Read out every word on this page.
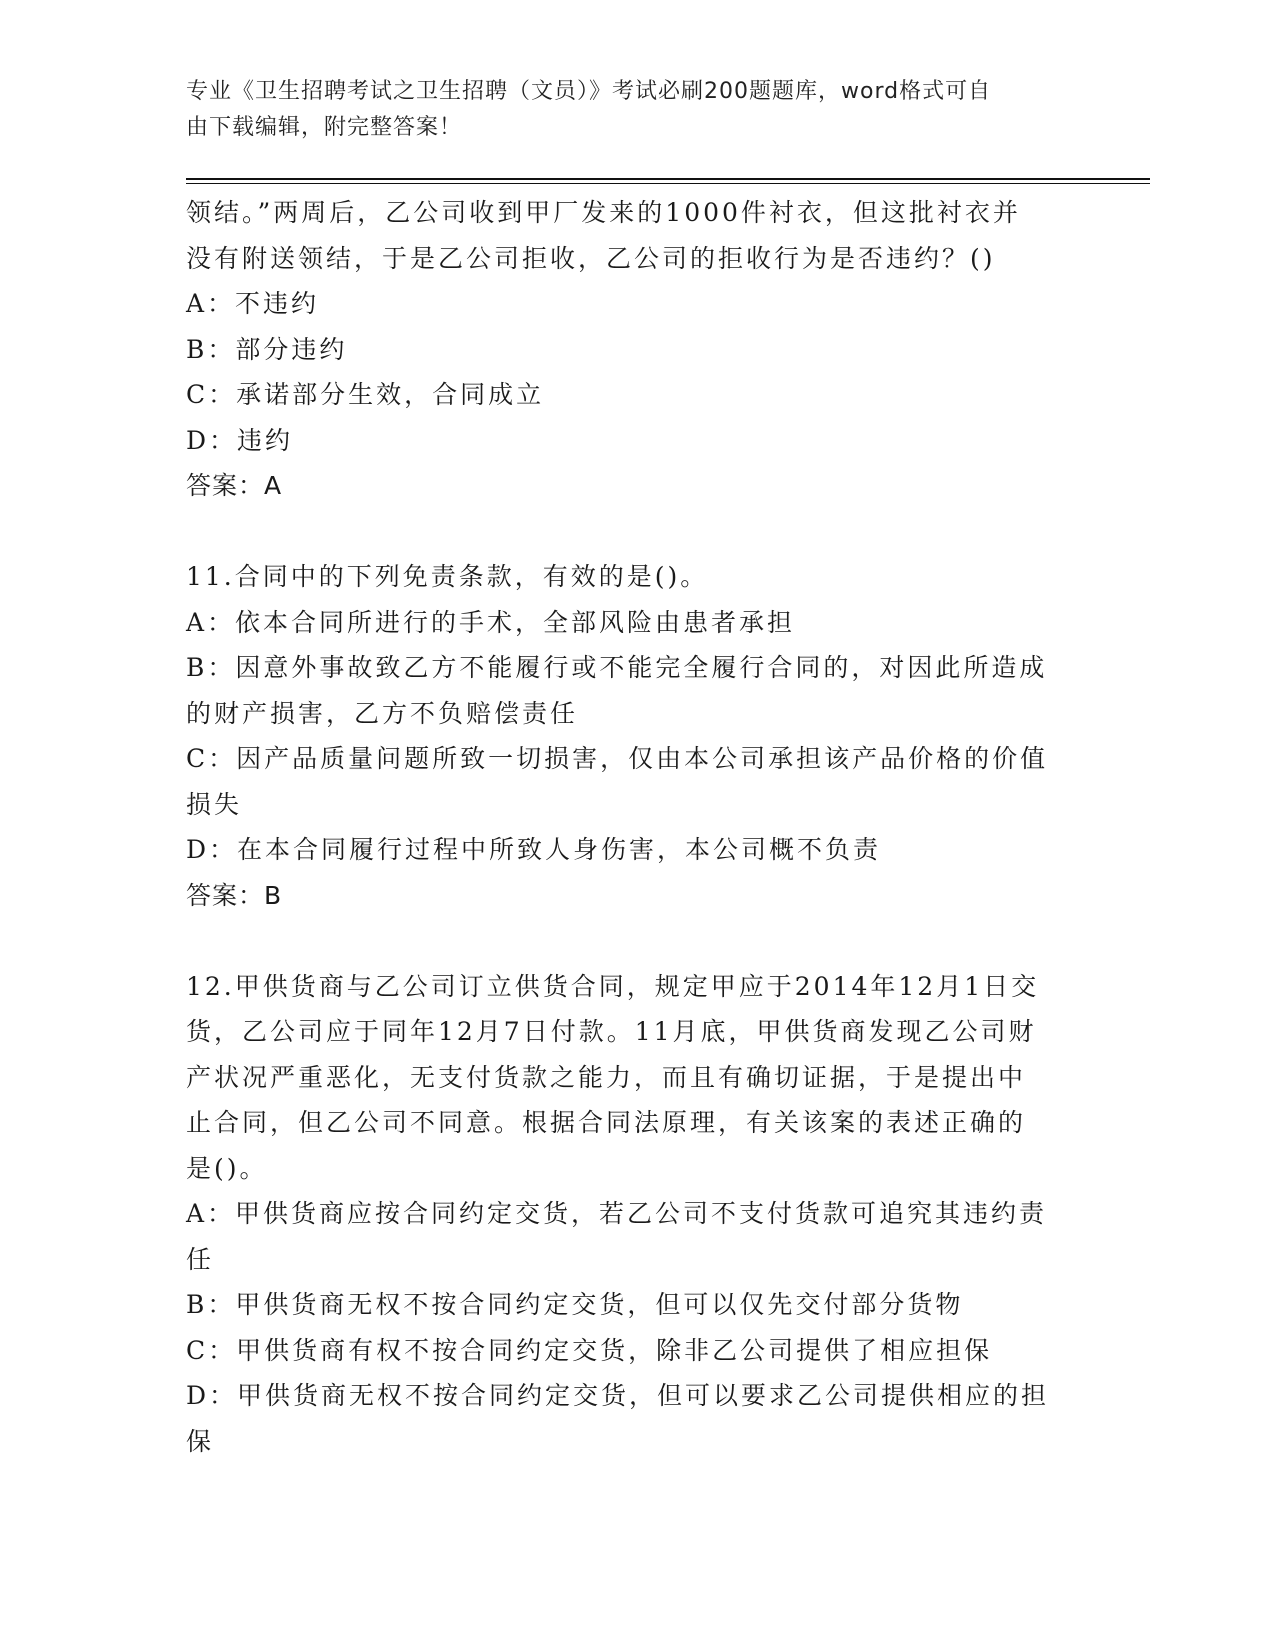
专业《卫生招聘考试之卫生招聘（文员）》考试必刷200题题库，word格式可自
由下载编辑，附完整答案！
领结。”两周后，乙公司收到甲厂发来的1000件衬衣，但这批衬衣并
没有附送领结，于是乙公司拒收，乙公司的拒收行为是否违约？()
A：不违约
B：部分违约
C：承诺部分生效，合同成立
D：违约
答案：A
11.合同中的下列免责条款，有效的是()。
A：依本合同所进行的手术，全部风险由患者承担
B：因意外事故致乙方不能履行或不能完全履行合同的，对因此所造成
的财产损害，乙方不负赔偿责任
C：因产品质量问题所致一切损害，仅由本公司承担该产品价格的价值
损失
D：在本合同履行过程中所致人身伤害，本公司概不负责
答案：B
12.甲供货商与乙公司订立供货合同，规定甲应于2014年12月1日交
货，乙公司应于同年12月7日付款。11月底，甲供货商发现乙公司财
产状况严重恶化，无支付货款之能力，而且有确切证据，于是提出中
止合同，但乙公司不同意。根据合同法原理，有关该案的表述正确的
是()。
A：甲供货商应按合同约定交货，若乙公司不支付货款可追究其违约责
任
B：甲供货商无权不按合同约定交货，但可以仅先交付部分货物
C：甲供货商有权不按合同约定交货，除非乙公司提供了相应担保
D：甲供货商无权不按合同约定交货，但可以要求乙公司提供相应的担
保
